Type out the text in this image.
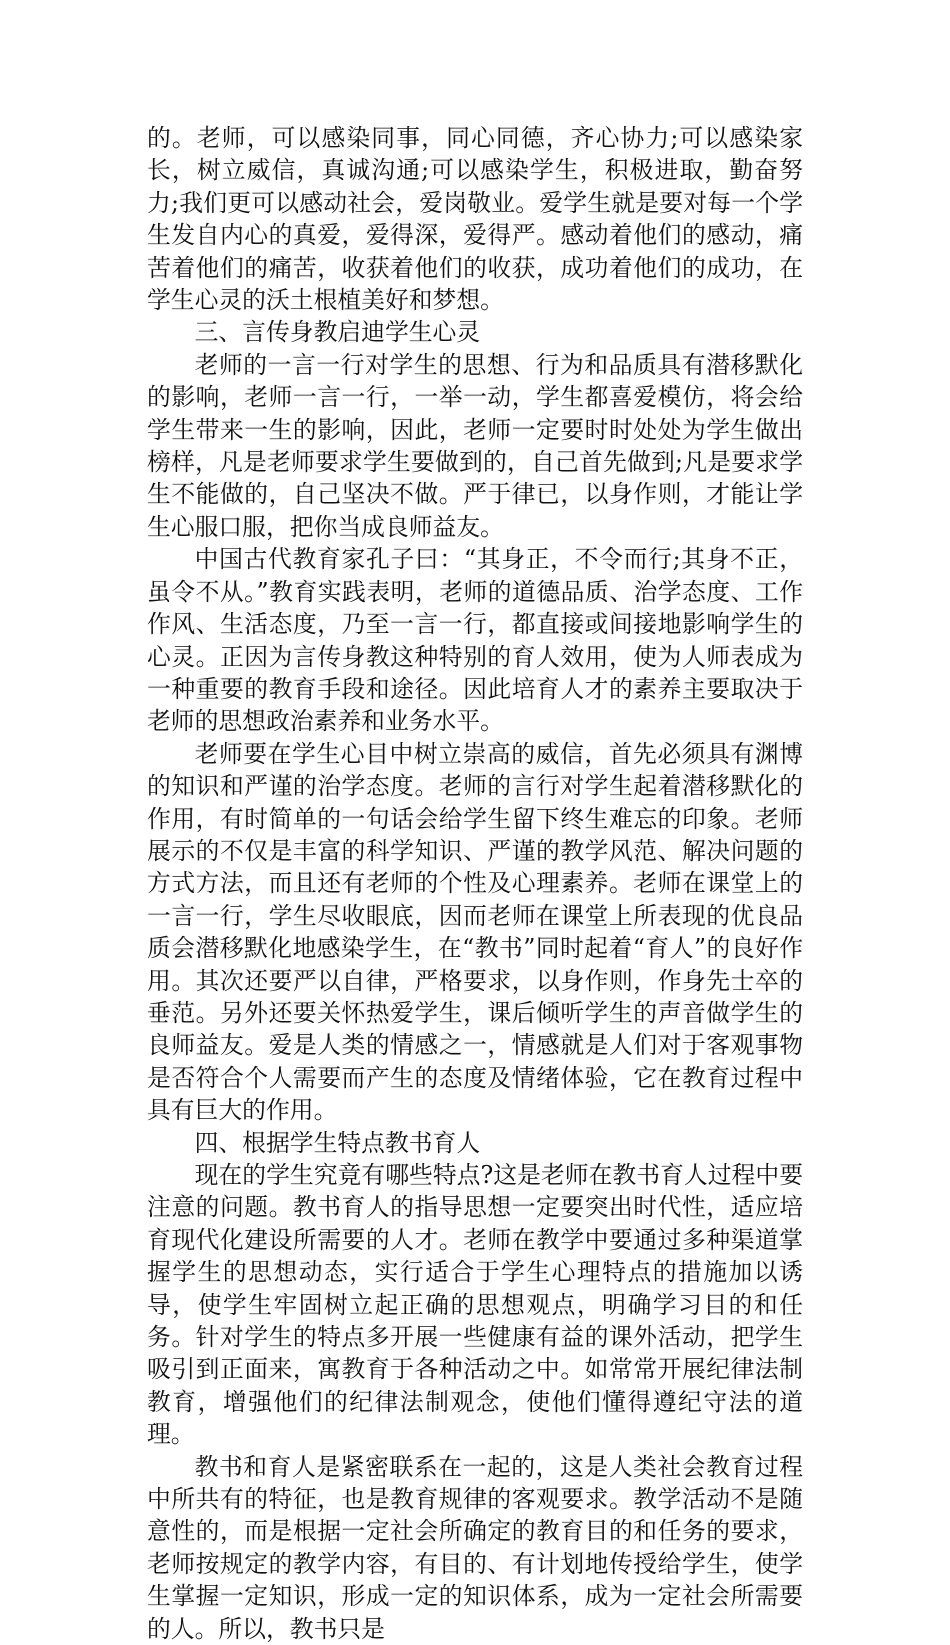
的。老师，可以感染同事，同心同德，齐心协力;可以感染家长，树立威信，真诚沟通;可以感染学生，积极进取，勤奋努力;我们更可以感动社会，爱岗敬业。爱学生就是要对每一个学生发自内心的真爱，爱得深，爱得严。感动着他们的感动，痛苦着他们的痛苦，收获着他们的收获，成功着他们的成功，在学生心灵的沃土根植美好和梦想。

三、言传身教启迪学生心灵

老师的一言一行对学生的思想、行为和品质具有潜移默化的影响，老师一言一行，一举一动，学生都喜爱模仿，将会给学生带来一生的影响，因此，老师一定要时时处处为学生做出榜样，凡是老师要求学生要做到的，自己首先做到;凡是要求学生不能做的，自己坚决不做。严于律已，以身作则，才能让学生心服口服，把你当成良师益友。

中国古代教育家孔子曰：“其身正，不令而行;其身不正，虽令不从。”教育实践表明，老师的道德品质、治学态度、工作作风、生活态度，乃至一言一行，都直接或间接地影响学生的心灵。正因为言传身教这种特别的育人效用，使为人师表成为一种重要的教育手段和途径。因此培育人才的素养主要取决于老师的思想政治素养和业务水平。

老师要在学生心目中树立崇高的威信，首先必须具有渊博的知识和严谨的治学态度。老师的言行对学生起着潜移默化的作用，有时简单的一句话会给学生留下终生难忘的印象。老师展示的不仅是丰富的科学知识、严谨的教学风范、解决问题的方式方法，而且还有老师的个性及心理素养。老师在课堂上的一言一行，学生尽收眼底，因而老师在课堂上所表现的优良品质会潜移默化地感染学生，在“教书”同时起着“育人”的良好作用。其次还要严以自律，严格要求，以身作则，作身先士卒的垂范。另外还要关怀热爱学生，课后倾听学生的声音做学生的良师益友。爱是人类的情感之一，情感就是人们对于客观事物是否符合个人需要而产生的态度及情绪体验，它在教育过程中具有巨大的作用。

四、根据学生特点教书育人

现在的学生究竟有哪些特点?这是老师在教书育人过程中要注意的问题。教书育人的指导思想一定要突出时代性，适应培育现代化建设所需要的人才。老师在教学中要通过多种渠道掌握学生的思想动态，实行适合于学生心理特点的措施加以诱导，使学生牢固树立起正确的思想观点，明确学习目的和任务。针对学生的特点多开展一些健康有益的课外活动，把学生吸引到正面来，寓教育于各种活动之中。如常常开展纪律法制教育，增强他们的纪律法制观念，使他们懂得遵纪守法的道理。

教书和育人是紧密联系在一起的，这是人类社会教育过程中所共有的特征，也是教育规律的客观要求。教学活动不是随意性的，而是根据一定社会所确定的教育目的和任务的要求，老师按规定的教学内容，有目的、有计划地传授给学生，使学生掌握一定知识，形成一定的知识体系，成为一定社会所需要的人。所以，教书只是
